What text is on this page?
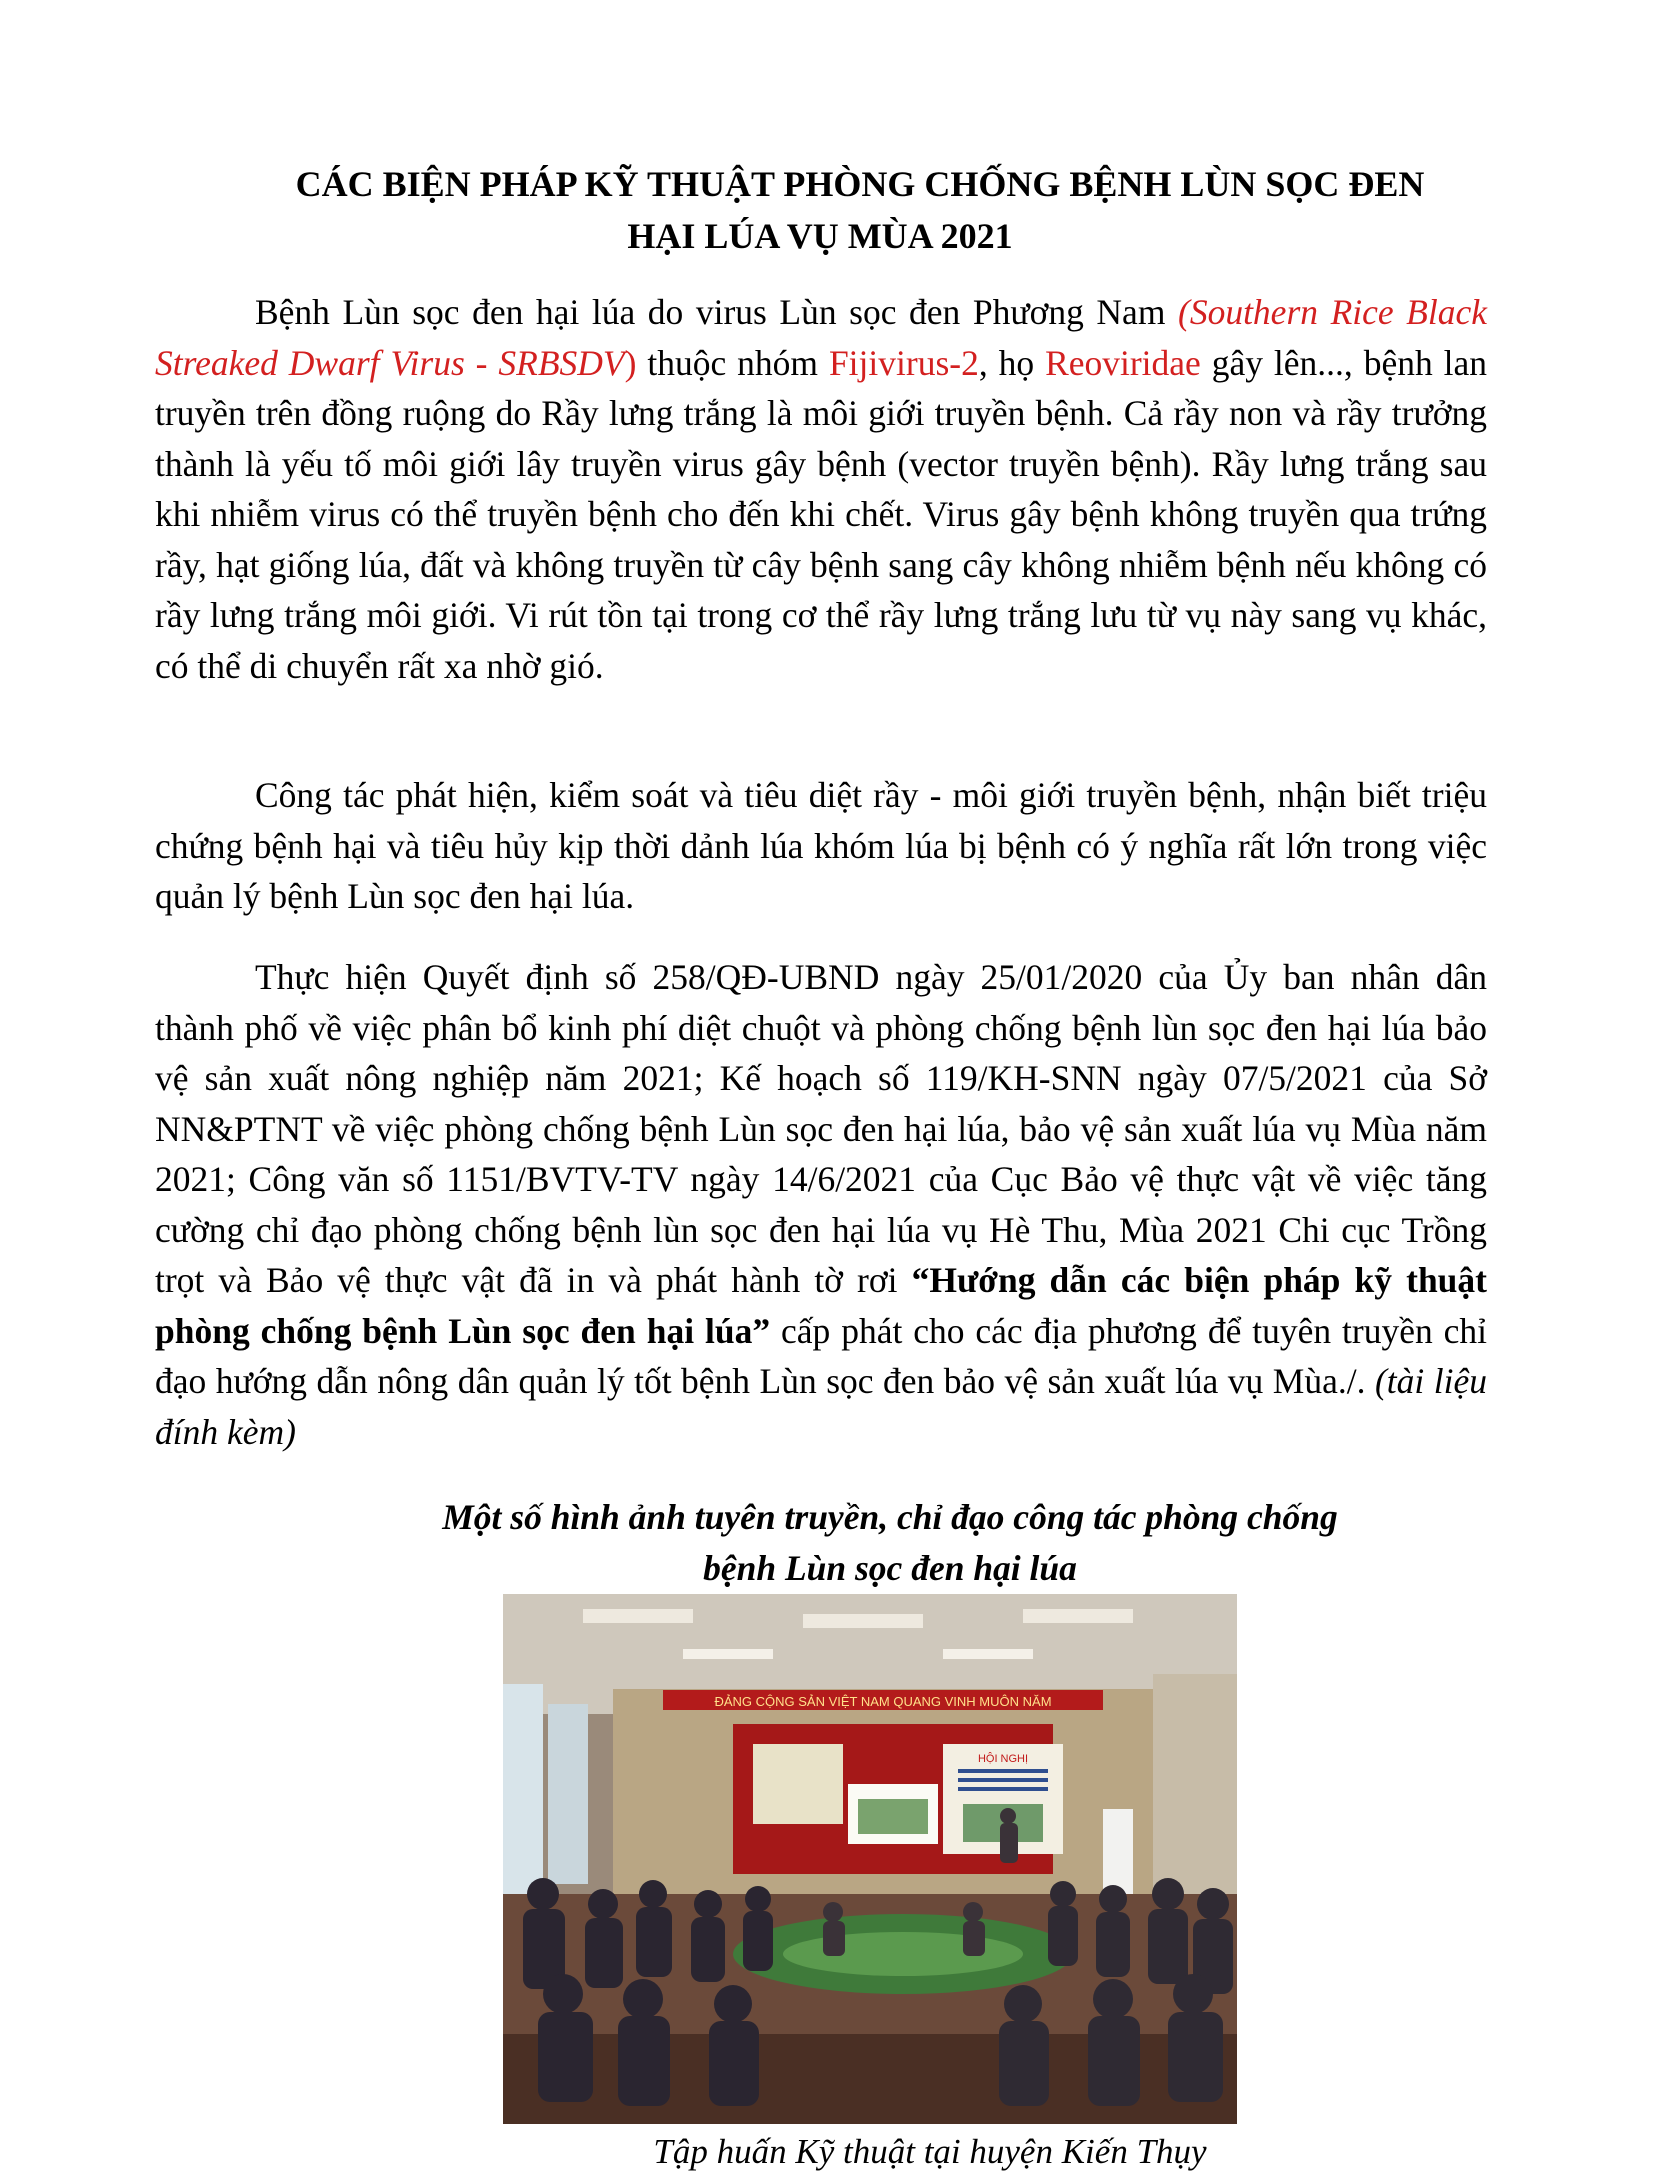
CÁC BIỆN PHÁP KỸ THUẬT PHÒNG CHỐNG BỆNH LÙN SỌC ĐEN
HẠI LÚA VỤ MÙA 2021
Bệnh Lùn sọc đen hại lúa do virus Lùn sọc đen Phương Nam (Southern Rice Black Streaked Dwarf Virus - SRBSDV) thuộc nhóm Fijivirus-2, họ Reoviridae gây lên..., bệnh lan truyền trên đồng ruộng do Rầy lưng trắng là môi giới truyền bệnh. Cả rầy non và rầy trưởng thành là yếu tố môi giới lây truyền virus gây bệnh (vector truyền bệnh). Rầy lưng trắng sau khi nhiễm virus có thể truyền bệnh cho đến khi chết. Virus gây bệnh không truyền qua trứng rầy, hạt giống lúa, đất và không truyền từ cây bệnh sang cây không nhiễm bệnh nếu không có rầy lưng trắng môi giới. Vi rút tồn tại trong cơ thể rầy lưng trắng lưu từ vụ này sang vụ khác, có thể di chuyển rất xa nhờ gió.
Công tác phát hiện, kiểm soát và tiêu diệt rầy - môi giới truyền bệnh, nhận biết triệu chứng bệnh hại và tiêu hủy kịp thời dảnh lúa khóm lúa bị bệnh có ý nghĩa rất lớn trong việc quản lý bệnh Lùn sọc đen hại lúa.
Thực hiện Quyết định số 258/QĐ-UBND ngày 25/01/2020 của Ủy ban nhân dân thành phố về việc phân bổ kinh phí diệt chuột và phòng chống bệnh lùn sọc đen hại lúa bảo vệ sản xuất nông nghiệp năm 2021; Kế hoạch số 119/KH-SNN ngày 07/5/2021 của Sở NN&PTNT về việc phòng chống bệnh Lùn sọc đen hại lúa, bảo vệ sản xuất lúa vụ Mùa năm 2021; Công văn số 1151/BVTV-TV ngày 14/6/2021 của Cục Bảo vệ thực vật về việc tăng cường chỉ đạo phòng chống bệnh lùn sọc đen hại lúa vụ Hè Thu, Mùa 2021 Chi cục Trồng trọt và Bảo vệ thực vật đã in và phát hành tờ rơi “Hướng dẫn các biện pháp kỹ thuật phòng chống bệnh Lùn sọc đen hại lúa” cấp phát cho các địa phương để tuyên truyền chỉ đạo hướng dẫn nông dân quản lý tốt bệnh Lùn sọc đen bảo vệ sản xuất lúa vụ Mùa./. (tài liệu đính kèm)
Một số hình ảnh tuyên truyền, chỉ đạo công tác phòng chống
bệnh Lùn sọc đen hại lúa
ĐẢNG CỘNG SẢN VIỆT NAM QUANG VINH MUÔN NĂM
HỘI NGHỊ
Tập huấn Kỹ thuật tại huyện Kiến Thụy
